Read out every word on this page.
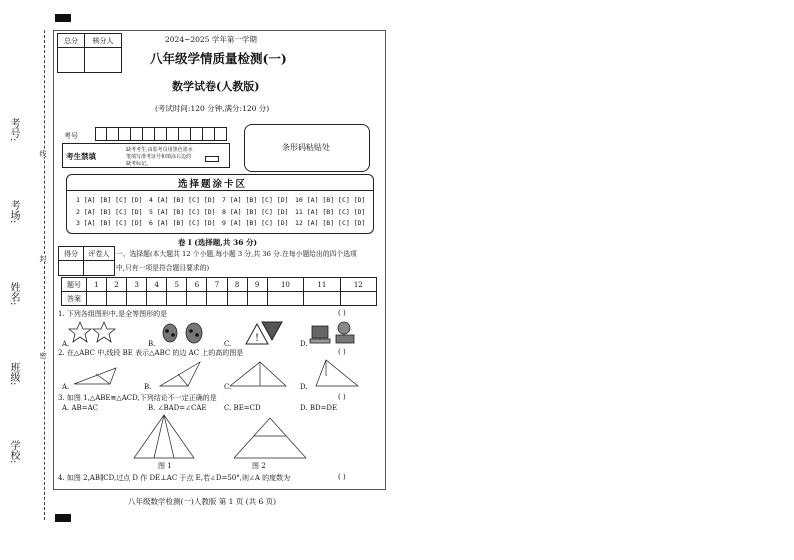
考号:
考场:
姓名:
班级:
学校:
线
封
密
总分	核分人
		2024~2025 学年第一学期
八年级学情质量检测(一)
数学试卷(人教版)
(考试时间:120 分钟,满分:120 分)
考号
考生禁填
缺考考生,由监考员用黑色墨水
笔填写准考证号和填涂右边的
缺考标记。
条形码粘贴处
选择题涂卡区
1 [A] [B] [C] [D] 4 [A] [B] [C] [D] 7 [A] [B] [C] [D] 10 [A] [B] [C] [D]
2 [A] [B] [C] [D] 5 [A] [B] [C] [D] 8 [A] [B] [C] [D] 11 [A] [B] [C] [D]
3 [A] [B] [C] [D] 6 [A] [B] [C] [D] 9 [A] [B] [C] [D] 12 [A] [B] [C] [D]
卷 I (选择题,共 36 分)
得分	评卷人
	一、选择题(本大题共 12 个小题,每小题 3 分,共 36 分.在每小题给出的四个选项
中,只有一项是符合题目要求的)
题号	1	2	3	4	5	6	7	8	9	10	11	12
答案												
1. 下列各组图形中,是全等图形的是	( )
A.	B.	C.	D.
!
2. 在△ABC 中,线段 BE 表示△ABC 的边 AC 上的高的图是	( )
A.	B.	C.	D.
3. 如图 1,△ABE≌△ACD,下列结论不一定正确的是	( )
A. AB=AC	B. ∠BAD=∠CAE C. BE=CD	D. BD=DE
图 1	图 2
4. 如图 2,AB∥CD,过点 D 作 DE⊥AC 于点 E,若∠D=50°,则∠A 的度数为	( )
八年级数学检测(一)人教版 第 1 页 (共 6 页)
